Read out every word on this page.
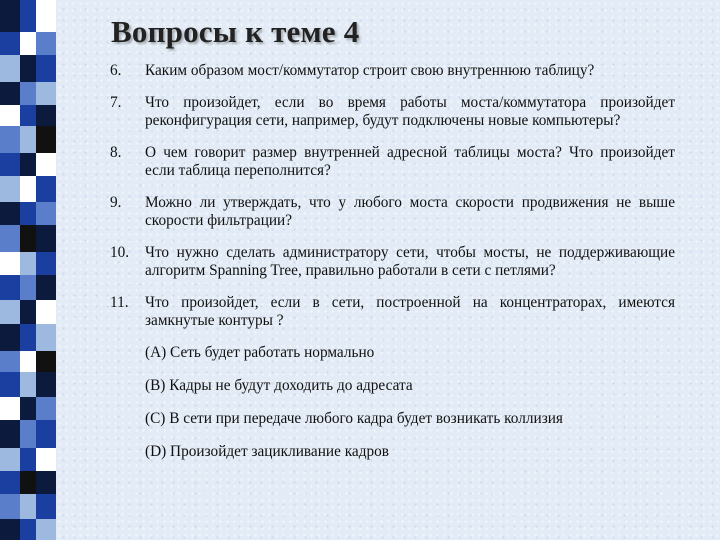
Вопросы к теме 4
6.	Каким образом мост/коммутатор строит свою внутреннюю таблицу?
7.	Что произойдет, если во время работы моста/коммутатора произойдет реконфигурация сети, например, будут подключены новые компьютеры?
8.	О чем говорит размер внутренней адресной таблицы моста? Что произойдет если таблица переполнится?
9.	Можно ли утверждать, что у любого моста скорости продвижения не выше скорости фильтрации?
10.	Что нужно сделать администратору сети, чтобы мосты, не поддерживающие алгоритм Spanning Tree, правильно работали в сети с петлями?
11.	Что произойдет, если в сети, построенной на концентраторах, имеются замкнутые контуры ?
(A) Сеть будет работать нормально
(B) Кадры не будут доходить до адресата
(C) В сети при передаче любого кадра будет возникать коллизия
(D) Произойдет зацикливание кадров
